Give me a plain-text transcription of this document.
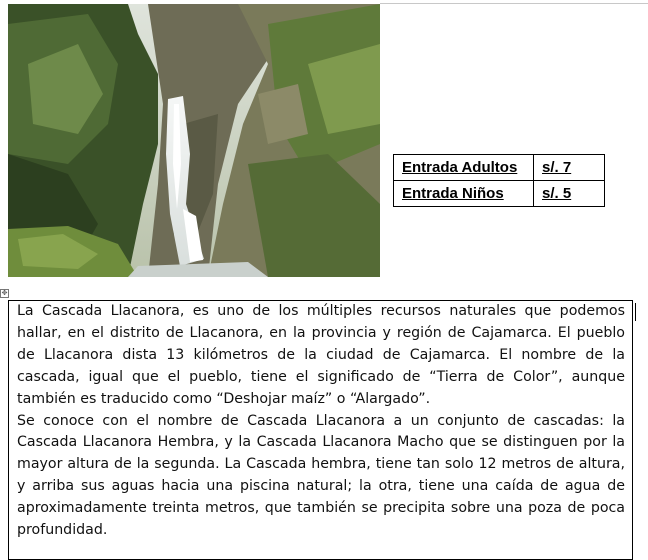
Entrada Adultos	s/. 7
Entrada Niños	s/. 5
✥

La Cascada Llacanora, es uno de los múltiples recursos naturales que podemos hallar, en el distrito de Llacanora, en la provincia y región de Cajamarca. El pueblo de Llacanora dista 13 kilómetros de la ciudad de Cajamarca. El nombre de la cascada, igual que el pueblo, tiene el significado de “Tierra de Color”, aunque también es traducido como “Deshojar maíz” o “Alargado”.

Se conoce con el nombre de Cascada Llacanora a un conjunto de cascadas: la Cascada Llacanora Hembra, y la Cascada Llacanora Macho que se distinguen por la mayor altura de la segunda. La Cascada hembra, tiene tan solo 12 metros de altura, y arriba sus aguas hacia una piscina natural; la otra, tiene una caída de agua de aproximadamente treinta metros, que también se precipita sobre una poza de poca profundidad.
